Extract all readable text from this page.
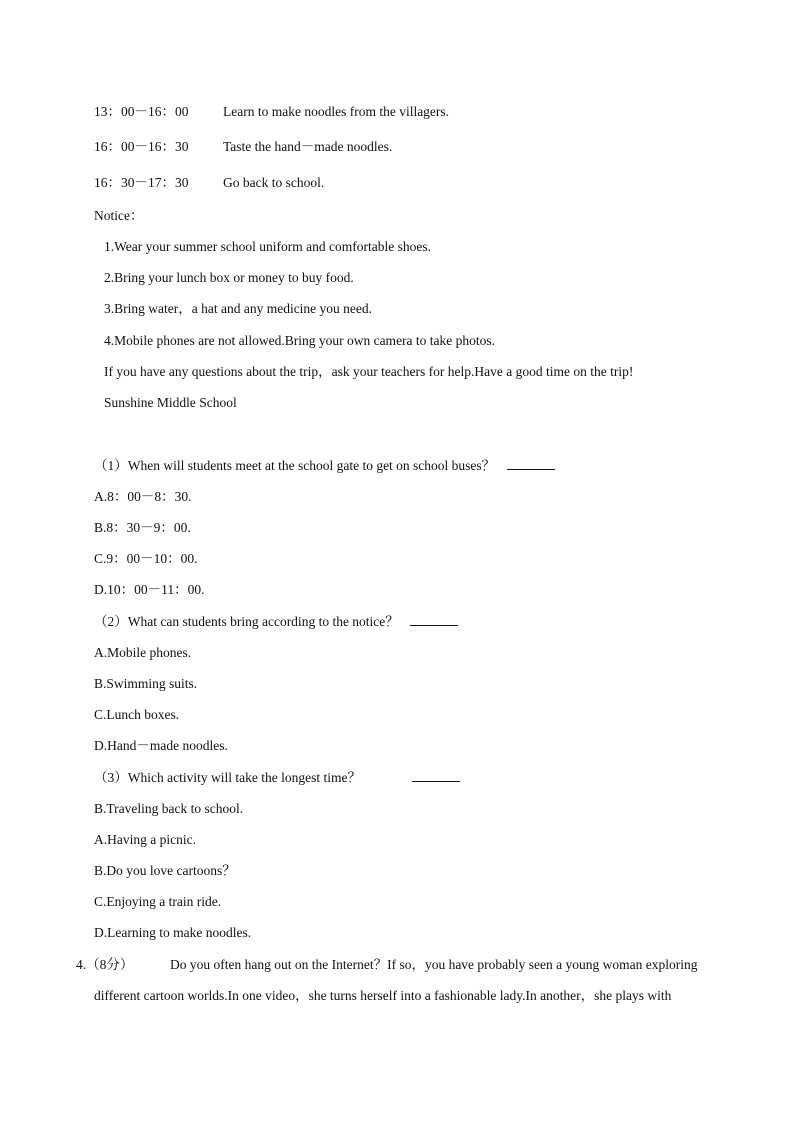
13：00－16：00	Learn to make noodles from the villagers.
16：00－16：30	Taste the hand－made noodles.
16：30－17：30	Go back to school.
Notice：
1.Wear your summer school uniform and comfortable shoes.
2.Bring your lunch box or money to buy food.
3.Bring water，a hat and any medicine you need.
4.Mobile phones are not allowed.Bring your own camera to take photos.
If you have any questions about the trip，ask your teachers for help.Have a good time on the trip!
Sunshine Middle School
（1）When will students meet at the school gate to get on school buses？
A.8：00－8：30.
B.8：30－9：00.
C.9：00－10：00.
D.10：00－11：00.
（2）What can students bring according to the notice？
A.Mobile phones.
B.Swimming suits.
C.Lunch boxes.
D.Hand－made noodles.
（3）Which activity will take the longest time？
B.Traveling back to school.
A.Having a picnic.
B.Do you love cartoons？
C.Enjoying a train ride.
D.Learning to make noodles.
4.（8分）	Do you often hang out on the Internet？If so，you have probably seen a young woman exploring
different cartoon worlds.In one video，she turns herself into a fashionable lady.In another，she plays with
